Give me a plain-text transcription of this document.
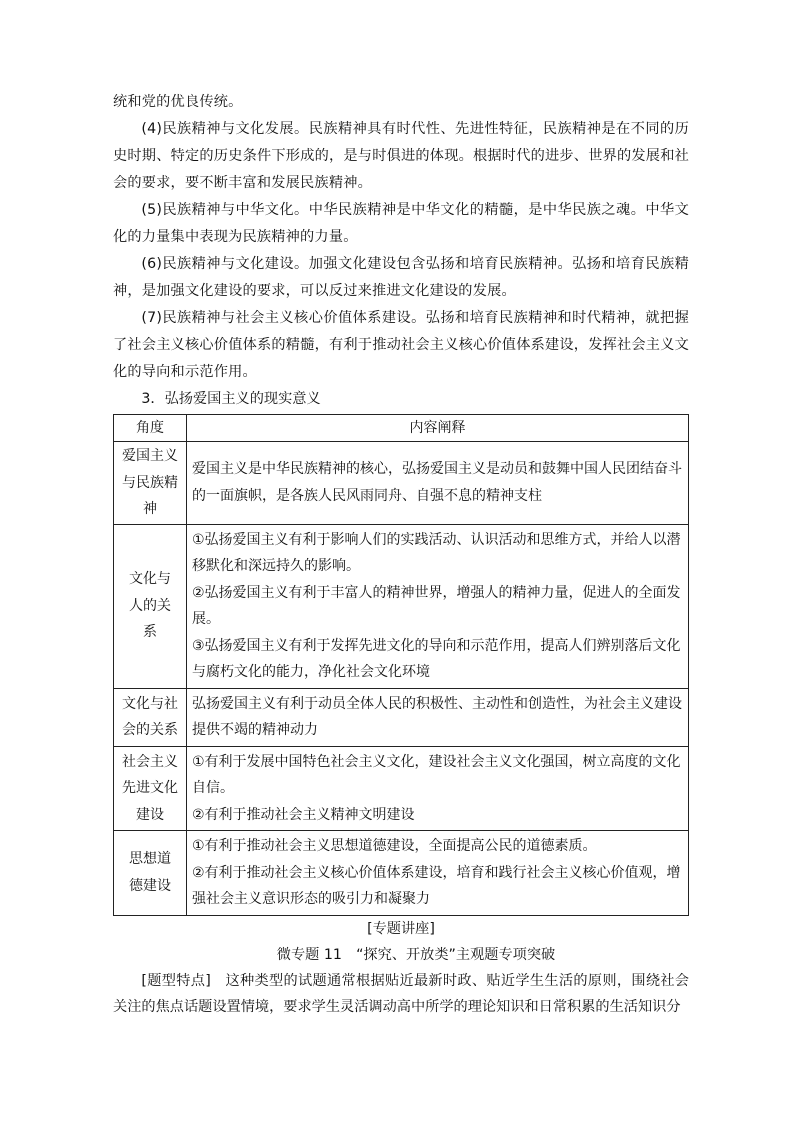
统和党的优良传统。

(4)民族精神与文化发展。民族精神具有时代性、先进性特征，民族精神是在不同的历史时期、特定的历史条件下形成的，是与时俱进的体现。根据时代的进步、世界的发展和社会的要求，要不断丰富和发展民族精神。

(5)民族精神与中华文化。中华民族精神是中华文化的精髓，是中华民族之魂。中华文化的力量集中表现为民族精神的力量。

(6)民族精神与文化建设。加强文化建设包含弘扬和培育民族精神。弘扬和培育民族精神，是加强文化建设的要求，可以反过来推进文化建设的发展。

(7)民族精神与社会主义核心价值体系建设。弘扬和培育民族精神和时代精神，就把握了社会主义核心价值体系的精髓，有利于推动社会主义核心价值体系建设，发挥社会主义文化的导向和示范作用。

3．弘扬爱国主义的现实意义

角度	内容阐释
爱国主义与民族精神	爱国主义是中华民族精神的核心，弘扬爱国主义是动员和鼓舞中国人民团结奋斗的一面旗帜，是各族人民风雨同舟、自强不息的精神支柱

文化与人的关系	①弘扬爱国主义有利于影响人们的实践活动、认识活动和思维方式，并给人以潜移默化和深远持久的影响。
②弘扬爱国主义有利于丰富人的精神世界，增强人的精神力量，促进人的全面发展。
③弘扬爱国主义有利于发挥先进文化的导向和示范作用，提高人们辨别落后文化与腐朽文化的能力，净化社会文化环境

文化与社会的关系	弘扬爱国主义有利于动员全体人民的积极性、主动性和创造性，为社会主义建设提供不竭的精神动力

社会主义先进文化建设	①有利于发展中国特色社会主义文化，建设社会主义文化强国，树立高度的文化自信。
②有利于推动社会主义精神文明建设

思想道德建设	①有利于推动社会主义思想道德建设，全面提高公民的道德素质。
②有利于推动社会主义核心价值体系建设，培育和践行社会主义核心价值观，增强社会主义意识形态的吸引力和凝聚力

[专题讲座]

微专题 11　“探究、开放类”主观题专项突破

[题型特点]　这种类型的试题通常根据贴近最新时政、贴近学生生活的原则，围绕社会关注的焦点话题设置情境，要求学生灵活调动高中所学的理论知识和日常积累的生活知识分
